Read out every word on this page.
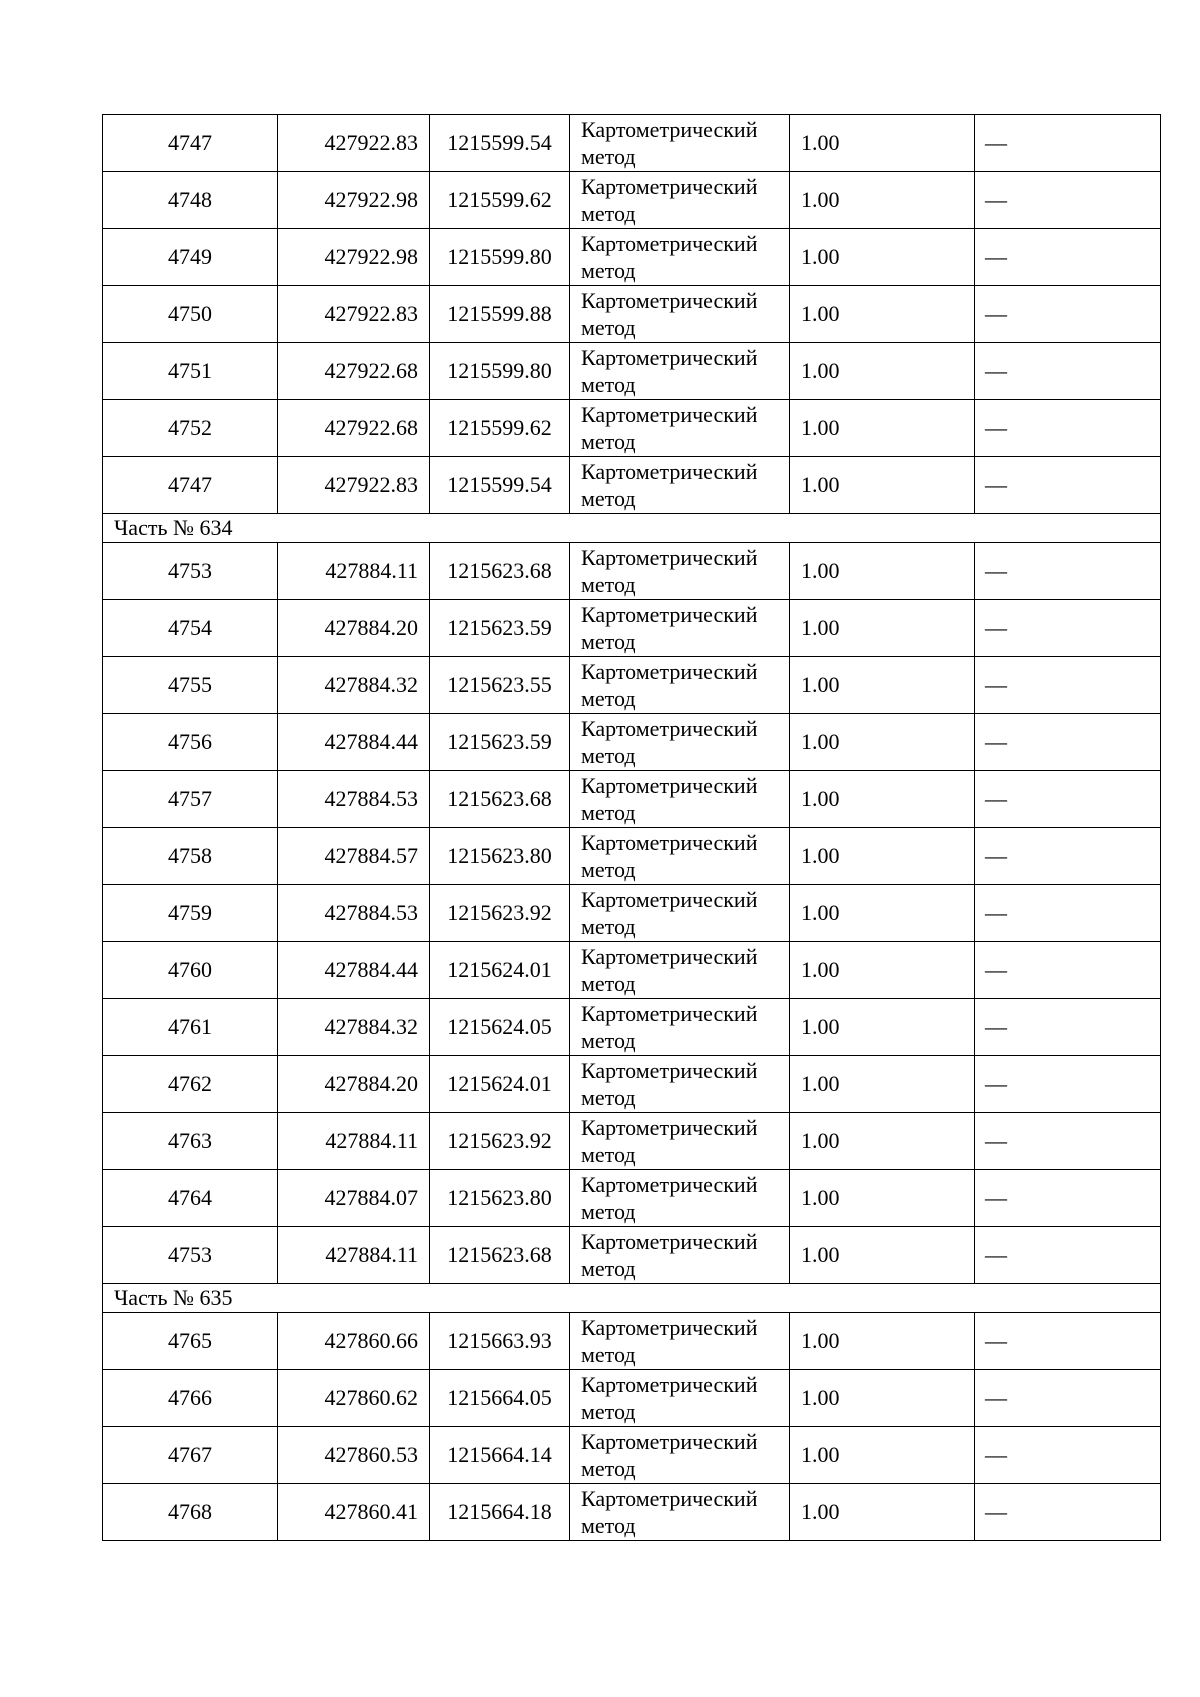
4747	427922.83	1215599.54	Картометрический
метод	1.00	—
4748	427922.98	1215599.62	Картометрический
метод	1.00	—
4749	427922.98	1215599.80	Картометрический
метод	1.00	—
4750	427922.83	1215599.88	Картометрический
метод	1.00	—
4751	427922.68	1215599.80	Картометрический
метод	1.00	—
4752	427922.68	1215599.62	Картометрический
метод	1.00	—
4747	427922.83	1215599.54	Картометрический
метод	1.00	—
Часть № 634					
4753	427884.11	1215623.68	Картометрический
метод	1.00	—
4754	427884.20	1215623.59	Картометрический
метод	1.00	—
4755	427884.32	1215623.55	Картометрический
метод	1.00	—
4756	427884.44	1215623.59	Картометрический
метод	1.00	—
4757	427884.53	1215623.68	Картометрический
метод	1.00	—
4758	427884.57	1215623.80	Картометрический
метод	1.00	—
4759	427884.53	1215623.92	Картометрический
метод	1.00	—
4760	427884.44	1215624.01	Картометрический
метод	1.00	—
4761	427884.32	1215624.05	Картометрический
метод	1.00	—
4762	427884.20	1215624.01	Картометрический
метод	1.00	—
4763	427884.11	1215623.92	Картометрический
метод	1.00	—
4764	427884.07	1215623.80	Картометрический
метод	1.00	—
4753	427884.11	1215623.68	Картометрический
метод	1.00	—
Часть № 635					
4765	427860.66	1215663.93	Картометрический
метод	1.00	—
4766	427860.62	1215664.05	Картометрический
метод	1.00	—
4767	427860.53	1215664.14	Картометрический
метод	1.00	—
4768	427860.41	1215664.18	Картометрический
метод	1.00	—
